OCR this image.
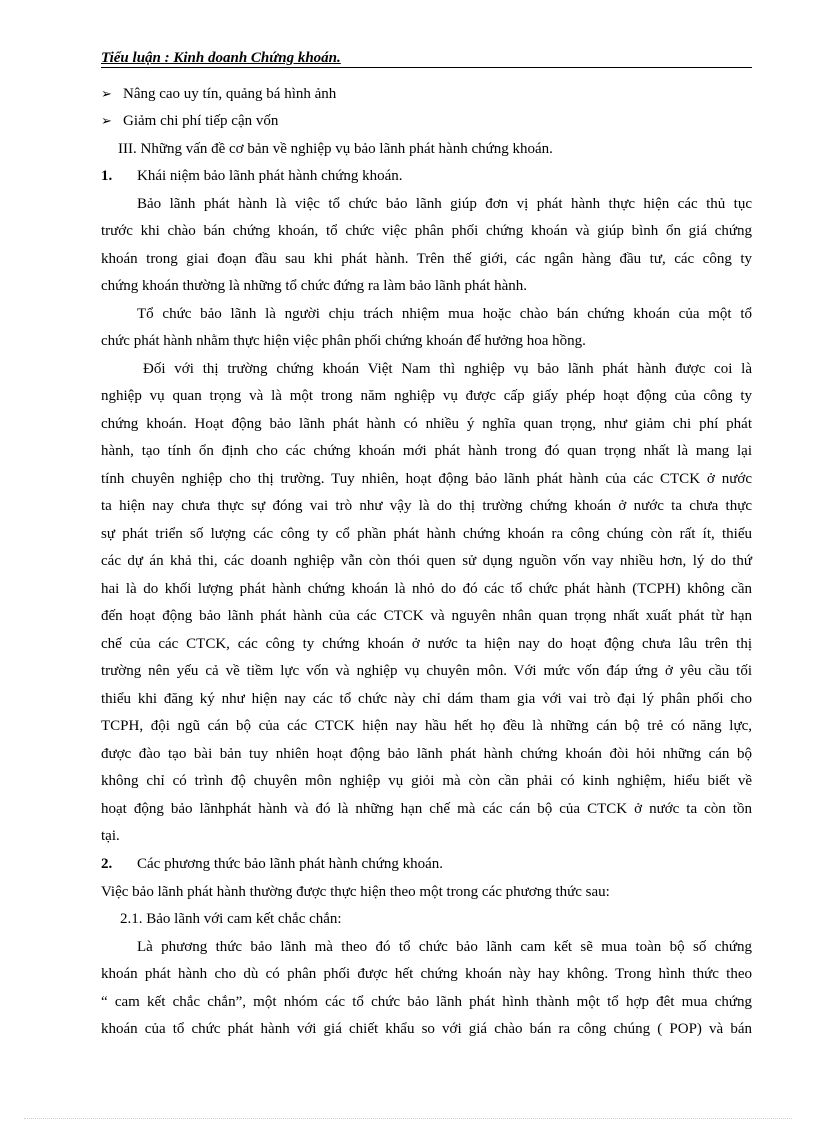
Tiểu luận : Kinh doanh Chứng khoán.
➢ Nâng cao uy tín, quảng bá hình ảnh
➢ Giảm chi phí tiếp cận vốn
III. Những vấn đề cơ bản về nghiệp vụ bảo lãnh phát hành chứng khoán.
1. Khái niệm bảo lãnh phát hành chứng khoán.
Bảo lãnh phát hành là việc tổ chức bảo lãnh giúp đơn vị phát hành thực hiện các thủ tục
trước khi chào bán chứng khoán, tổ chức việc phân phối chứng khoán và giúp bình ổn giá chứng
khoán trong giai đoạn đầu sau khi phát hành. Trên thế giới, các ngân hàng đầu tư, các công ty
chứng khoán thường là những tổ chức đứng ra làm bảo lãnh phát hành.
Tổ chức bảo lãnh là người chịu trách nhiệm mua hoặc chào bán chứng khoán của một tổ
chức phát hành nhằm thực hiện việc phân phối chứng khoán để hưởng hoa hồng.
Đối với thị trường chứng khoán Việt Nam thì nghiệp vụ bảo lãnh phát hành được coi là
nghiệp vụ quan trọng và là một trong năm nghiệp vụ được cấp giấy phép hoạt động của công ty
chứng khoán. Hoạt động bảo lãnh phát hành có nhiều ý nghĩa quan trọng, như giảm chi phí phát
hành, tạo tính ổn định cho các chứng khoán mới phát hành trong đó quan trọng nhất là mang lại
tính chuyên nghiệp cho thị trường. Tuy nhiên, hoạt động bảo lãnh phát hành của các CTCK ở nước
ta hiện nay chưa thực sự đóng vai trò như vậy là do thị trường chứng khoán ở nước ta chưa thực
sự phát triển số lượng các công ty cổ phần phát hành chứng khoán ra công chúng còn rất ít, thiếu
các dự án khả thi, các doanh nghiệp vẫn còn thói quen sử dụng nguồn vốn vay nhiều hơn, lý do thứ
hai là do khối lượng phát hành chứng khoán là nhỏ do đó các tổ chức phát hành (TCPH) không cần
đến hoạt động bảo lãnh phát hành của các CTCK và nguyên nhân quan trọng nhất xuất phát từ hạn
chế của các CTCK, các công ty chứng khoán ở nước ta hiện nay do hoạt động chưa lâu trên thị
trường nên yếu cả về tiềm lực vốn và nghiệp vụ chuyên môn. Với mức vốn đáp ứng ở yêu cầu tối
thiểu khi đăng ký như hiện nay các tổ chức này chỉ dám tham gia với vai trò đại lý phân phối cho
TCPH, đội ngũ cán bộ của các CTCK hiện nay hầu hết họ đều là những cán bộ trẻ có năng lực,
được đào tạo bài bản tuy nhiên hoạt động bảo lãnh phát hành chứng khoán đòi hỏi những cán bộ
không chỉ có trình độ chuyên môn nghiệp vụ giỏi mà còn cần phải có kinh nghiệm, hiểu biết về
hoạt động bảo lãnhphát hành và đó là những hạn chế mà các cán bộ của CTCK ở nước ta còn tồn
tại.
2. Các phương thức bảo lãnh phát hành chứng khoán.
Việc bảo lãnh phát hành thường được thực hiện theo một trong các phương thức sau:
2.1. Bảo lãnh với cam kết chắc chắn:
Là phương thức bảo lãnh mà theo đó tổ chức bảo lãnh cam kết sẽ mua toàn bộ số chứng
khoán phát hành cho dù có phân phối được hết chứng khoán này hay không. Trong hình thức theo
“ cam kết chắc chắn”, một nhóm các tổ chức bảo lãnh phát hình thành một tổ hợp đêt mua chứng
khoán của tổ chức phát hành với giá chiết khẩu so với giá chào bán ra công chúng ( POP) và bán
